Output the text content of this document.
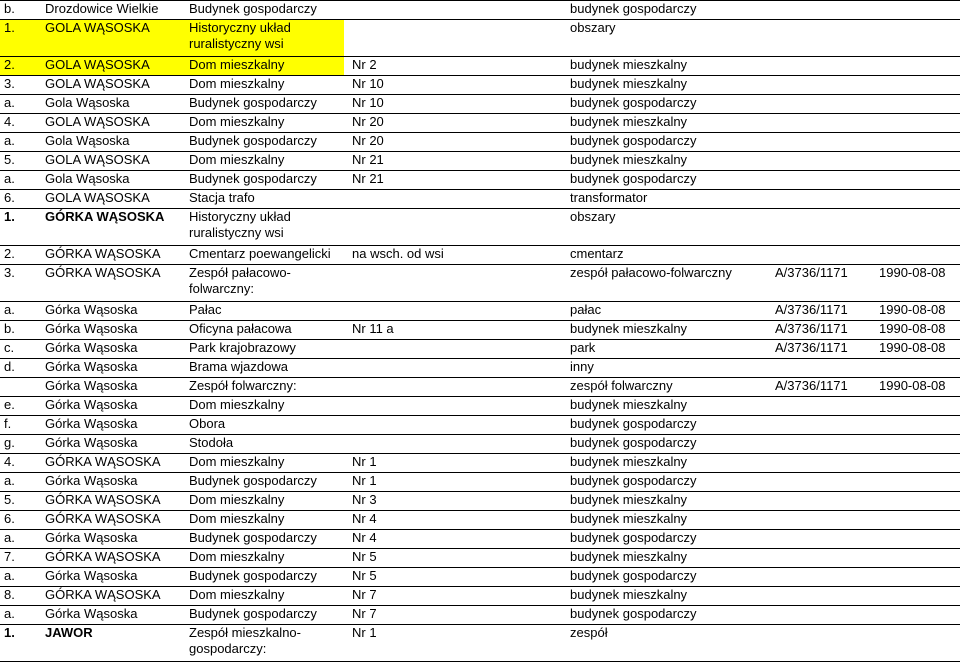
b.	Drozdowice Wielkie	Budynek gospodarczy		budynek gospodarczy		
1.	GOLA WĄSOSKA	Historyczny układ ruralistyczny wsi		obszary		
2.	GOLA WĄSOSKA	Dom mieszkalny	Nr 2	budynek mieszkalny		
3.	GOLA WĄSOSKA	Dom mieszkalny	Nr 10	budynek mieszkalny		
a.	Gola Wąsoska	Budynek gospodarczy	Nr 10	budynek gospodarczy		
4.	GOLA WĄSOSKA	Dom mieszkalny	Nr 20	budynek mieszkalny		
a.	Gola Wąsoska	Budynek gospodarczy	Nr 20	budynek gospodarczy		
5.	GOLA WĄSOSKA	Dom mieszkalny	Nr 21	budynek mieszkalny		
a.	Gola Wąsoska	Budynek gospodarczy	Nr 21	budynek gospodarczy		
6.	GOLA WĄSOSKA	Stacja trafo		transformator		
1.	GÓRKA WĄSOSKA	Historyczny układ ruralistyczny wsi		obszary		
2.	GÓRKA WĄSOSKA	Cmentarz poewangelicki	na wsch. od wsi	cmentarz		
3.	GÓRKA WĄSOSKA	Zespół pałacowo-folwarczny:		zespół pałacowo-folwarczny	A/3736/1171	1990-08-08
a.	Górka Wąsoska	Pałac		pałac	A/3736/1171	1990-08-08
b.	Górka Wąsoska	Oficyna pałacowa	Nr 11 a	budynek mieszkalny	A/3736/1171	1990-08-08
c.	Górka Wąsoska	Park krajobrazowy		park	A/3736/1171	1990-08-08
d.	Górka Wąsoska	Brama wjazdowa		inny		
	Górka Wąsoska	Zespół folwarczny:		zespół folwarczny	A/3736/1171	1990-08-08
e.	Górka Wąsoska	Dom mieszkalny		budynek mieszkalny		
f.	Górka Wąsoska	Obora		budynek gospodarczy		
g.	Górka Wąsoska	Stodoła		budynek gospodarczy		
4.	GÓRKA WĄSOSKA	Dom mieszkalny	Nr 1	budynek mieszkalny		
a.	Górka Wąsoska	Budynek gospodarczy	Nr 1	budynek gospodarczy		
5.	GÓRKA WĄSOSKA	Dom mieszkalny	Nr 3	budynek mieszkalny		
6.	GÓRKA WĄSOSKA	Dom mieszkalny	Nr 4	budynek mieszkalny		
a.	Górka Wąsoska	Budynek gospodarczy	Nr 4	budynek gospodarczy		
7.	GÓRKA WĄSOSKA	Dom mieszkalny	Nr 5	budynek mieszkalny		
a.	Górka Wąsoska	Budynek gospodarczy	Nr 5	budynek gospodarczy		
8.	GÓRKA WĄSOSKA	Dom mieszkalny	Nr 7	budynek mieszkalny		
a.	Górka Wąsoska	Budynek gospodarczy	Nr 7	budynek gospodarczy		
1.	JAWOR	Zespół mieszkalno-gospodarczy:	Nr 1	zespół		
